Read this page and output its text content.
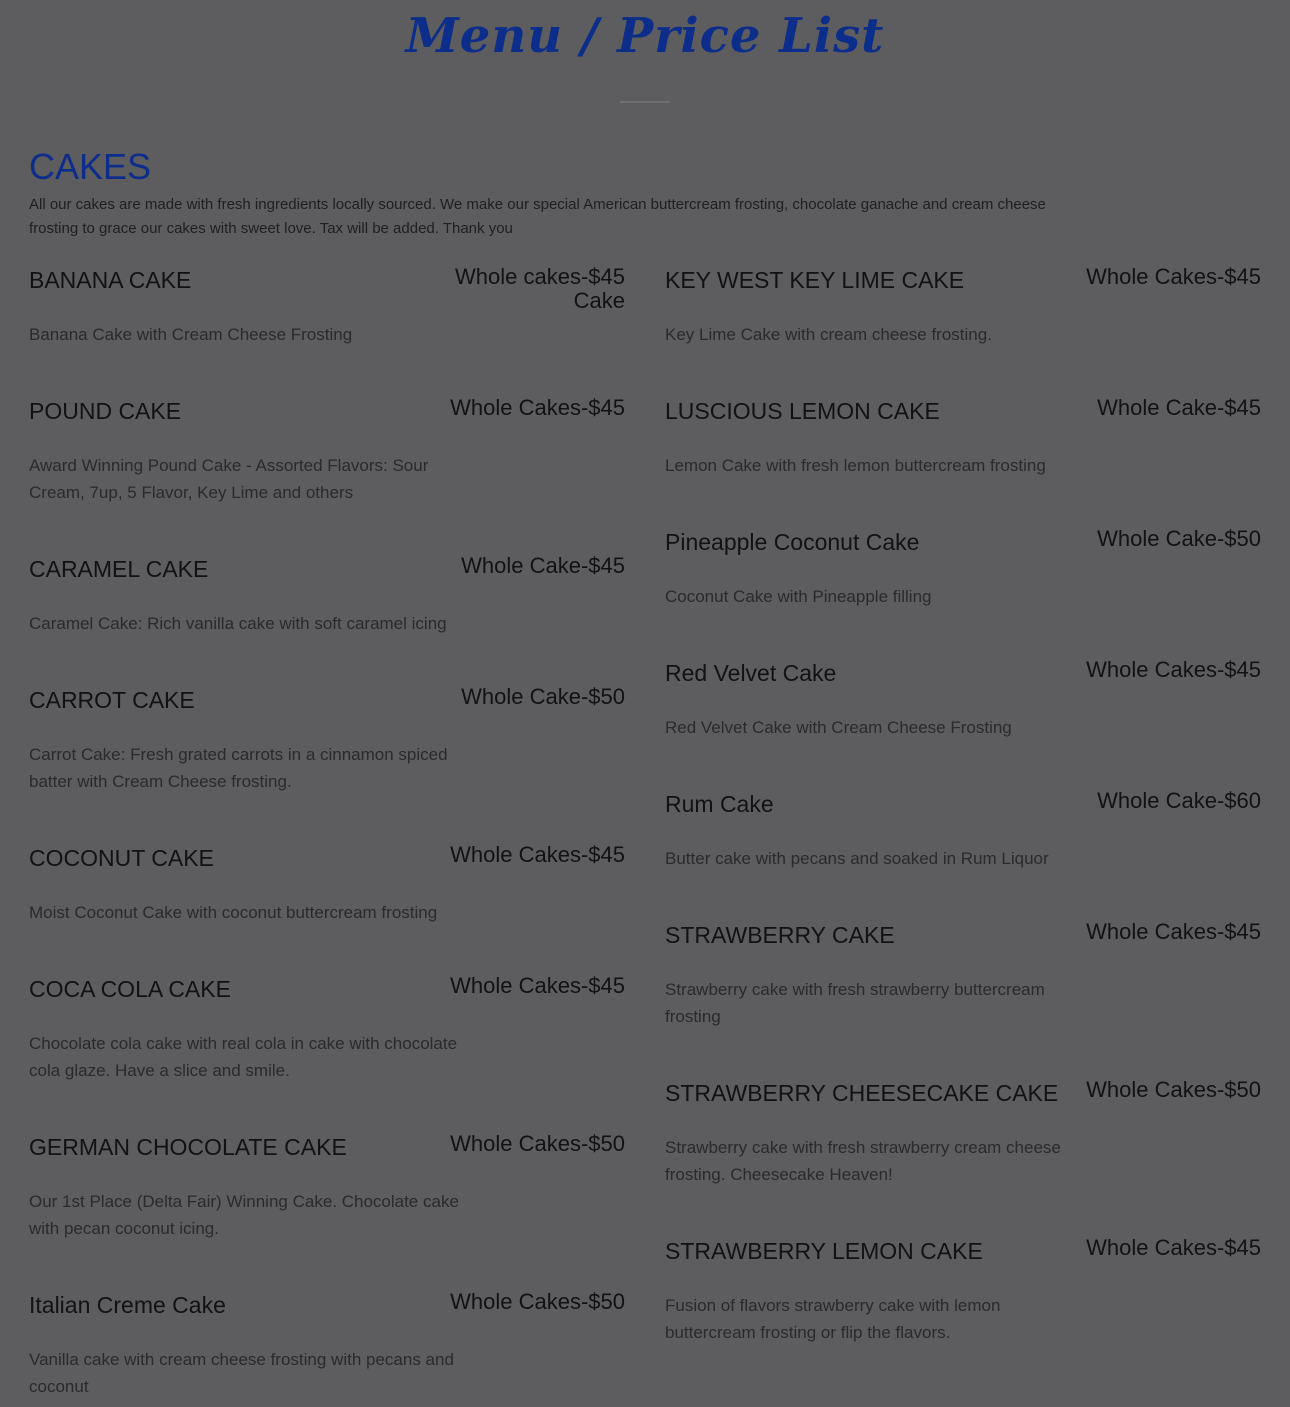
Menu / Price List
CAKES

All our cakes are made with fresh ingredients locally sourced. We make our special American buttercream frosting, chocolate ganache and cream cheese frosting to grace our cakes with sweet love. Tax will be added. Thank you

BANANA CAKE	Whole cakes-$45 Cake

Banana Cake with Cream Cheese Frosting

POUND CAKE	Whole Cakes-$45

Award Winning Pound Cake - Assorted Flavors: Sour Cream, 7up, 5 Flavor, Key Lime and others

CARAMEL CAKE	Whole Cake-$45

Caramel Cake: Rich vanilla cake with soft caramel icing

CARROT CAKE	Whole Cake-$50

Carrot Cake: Fresh grated carrots in a cinnamon spiced batter with Cream Cheese frosting.

COCONUT CAKE	Whole Cakes-$45

Moist Coconut Cake with coconut buttercream frosting

COCA COLA CAKE	Whole Cakes-$45

Chocolate cola cake with real cola in cake with chocolate cola glaze. Have a slice and smile.

GERMAN CHOCOLATE CAKE	Whole Cakes-$50

Our 1st Place (Delta Fair) Winning Cake. Chocolate cake with pecan coconut icing.

Italian Creme Cake	Whole Cakes-$50

Vanilla cake with cream cheese frosting with pecans and coconut

KEY WEST KEY LIME CAKE	Whole Cakes-$45

Key Lime Cake with cream cheese frosting.

LUSCIOUS LEMON CAKE	Whole Cake-$45

Lemon Cake with fresh lemon buttercream frosting

Pineapple Coconut Cake	Whole Cake-$50

Coconut Cake with Pineapple filling

Red Velvet Cake	Whole Cakes-$45

Red Velvet Cake with Cream Cheese Frosting

Rum Cake	Whole Cake-$60

Butter cake with pecans and soaked in Rum Liquor

STRAWBERRY CAKE	Whole Cakes-$45

Strawberry cake with fresh strawberry buttercream frosting

STRAWBERRY CHEESECAKE CAKE	Whole Cakes-$50

Strawberry cake with fresh strawberry cream cheese frosting. Cheesecake Heaven!

STRAWBERRY LEMON CAKE	Whole Cakes-$45

Fusion of flavors strawberry cake with lemon buttercream frosting or flip the flavors.
